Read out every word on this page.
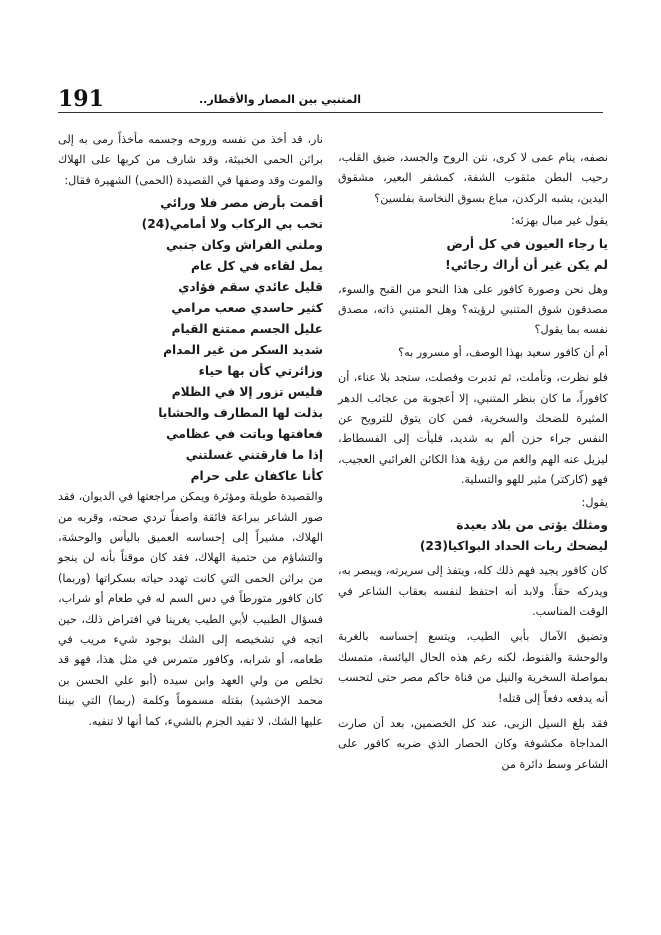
191	المتنبي بين المصار والأقطار..
نصفه، ينام عمى لا كرى، نتن الروح والجسد، ضيق القلب، رحيب البطن مثقوب الشفة، كمشفر البعير، مشقوق اليدين، يشبه الركدن، مباع بسوق النخاسة بفلسين؟
يقول غير مبال بهزئه:
يا رجاء العيون في كل أرض
لم يكن غير أن أراك رجائي!
وهل نحن وصورة كافور على هذا النحو من القبح والسوء، مصدقون شوق المتنبي لرؤيته؟ وهل المتنبي ذاته، مصدق نفسه بما يقول؟
أم أن كافور سعيد بهذا الوصف، أو مسرور به؟
فلو نظرت، وتأملت، ثم تدبرت وفصلت، ستجد بلا عناء، أن كافوراً، ما كان بنظر المتنبي، إلا أعجوبة من عجائب الدهر المثيرة للضحك والسخرية، فمن كان يتوق للترويح عن النفس جراء حزن ألم به شديد، فليأت إلى الفسطاط، ليزيل عنه الهم والغم من رؤية هذا الكائن الغرائبي العجيب، فهو (كاركتر) مثير للهو والتسلية.
يقول:
ومثلك يؤتى من بلاد بعيدة
ليضحك ربات الحداد البواكيا(23)
كان كافور يجيد فهم ذلك كله، ويتفذ إلى سريرته، ويبصر به، ويدركه حقاً. ولابد أنه احتفظ لنفسه بعقاب الشاعر في الوقت المناسب.
وتضيق الآمال بأبي الطيب، ويتسع إحساسه بالغربة والوحشة والقنوط، لكنه رغم هذه الحال اليائسة، متمسك بمواصلة السخرية والنيل من قناة حاكم مصر حتى لتحسب أنه يدفعه دفعاً إلى قتله!
فقد بلغ السيل الزبى، عند كل الخصمين، بعد أن صارت المداجاة مكشوفة وكان الحصار الذي ضربه كافور على الشاعر وسط دائرة من
نار، قد أخذ من نفسه وروحه وجسمه مأخذاً رمى به إلى براثن الحمى الخبيثة، وقد شارف من كربها على الهلاك والموت وقد وصفها في القصيدة (الحمى) الشهيرة فقال:
أقمت بأرض مصر فلا ورائي
تخب بي الركاب ولا أمامي(24)
وملني الفراش وكان جنبي
يمل لقاءه في كل عام
قليل عائدي سقم فؤادي
كثير حاسدي صعب مرامي
عليل الجسم ممتنع القيام
شديد السكر من غير المدام
وزائرتي كأن بها حياء
فليس تزور إلا في الظلام
بذلت لها المطارف والحشايا
فعافتها وباتت في عظامي
إذا ما فارقتني غسلتني
كأنا عاكفان على حرام
والقصيدة طويلة ومؤثرة ويمكن مراجعتها في الديوان، فقد صور الشاعر ببراعة فائقة واصفاً تردي صحته، وقربه من الهلاك، مشيراً إلى إحساسه العميق باليأس والوحشة، والتشاؤم من حتمية الهلاك، فقد كان موقناً بأنه لن ينجو من براثن الحمى التي كانت تهدد حياته بسكراتها (وربما) كان كافور متورطاً في دس السم له في طعام أو شراب، فسؤال الطبيب لأبي الطيب يغرينا في افتراض ذلك، حين اتجه في تشخيصه إلى الشك بوجود شيء مريب في طعامه، أو شرابه، وكافور متمرس في مثل هذا، فهو قد تخلص من ولي العهد وابن سيده (أبو علي الحسن بن محمد الإخشيد) بقتله مسموماً وكلمة (ربما) التي بيننا عليها الشك، لا تفيد الجزم بالشيء، كما أنها لا تنفيه.
